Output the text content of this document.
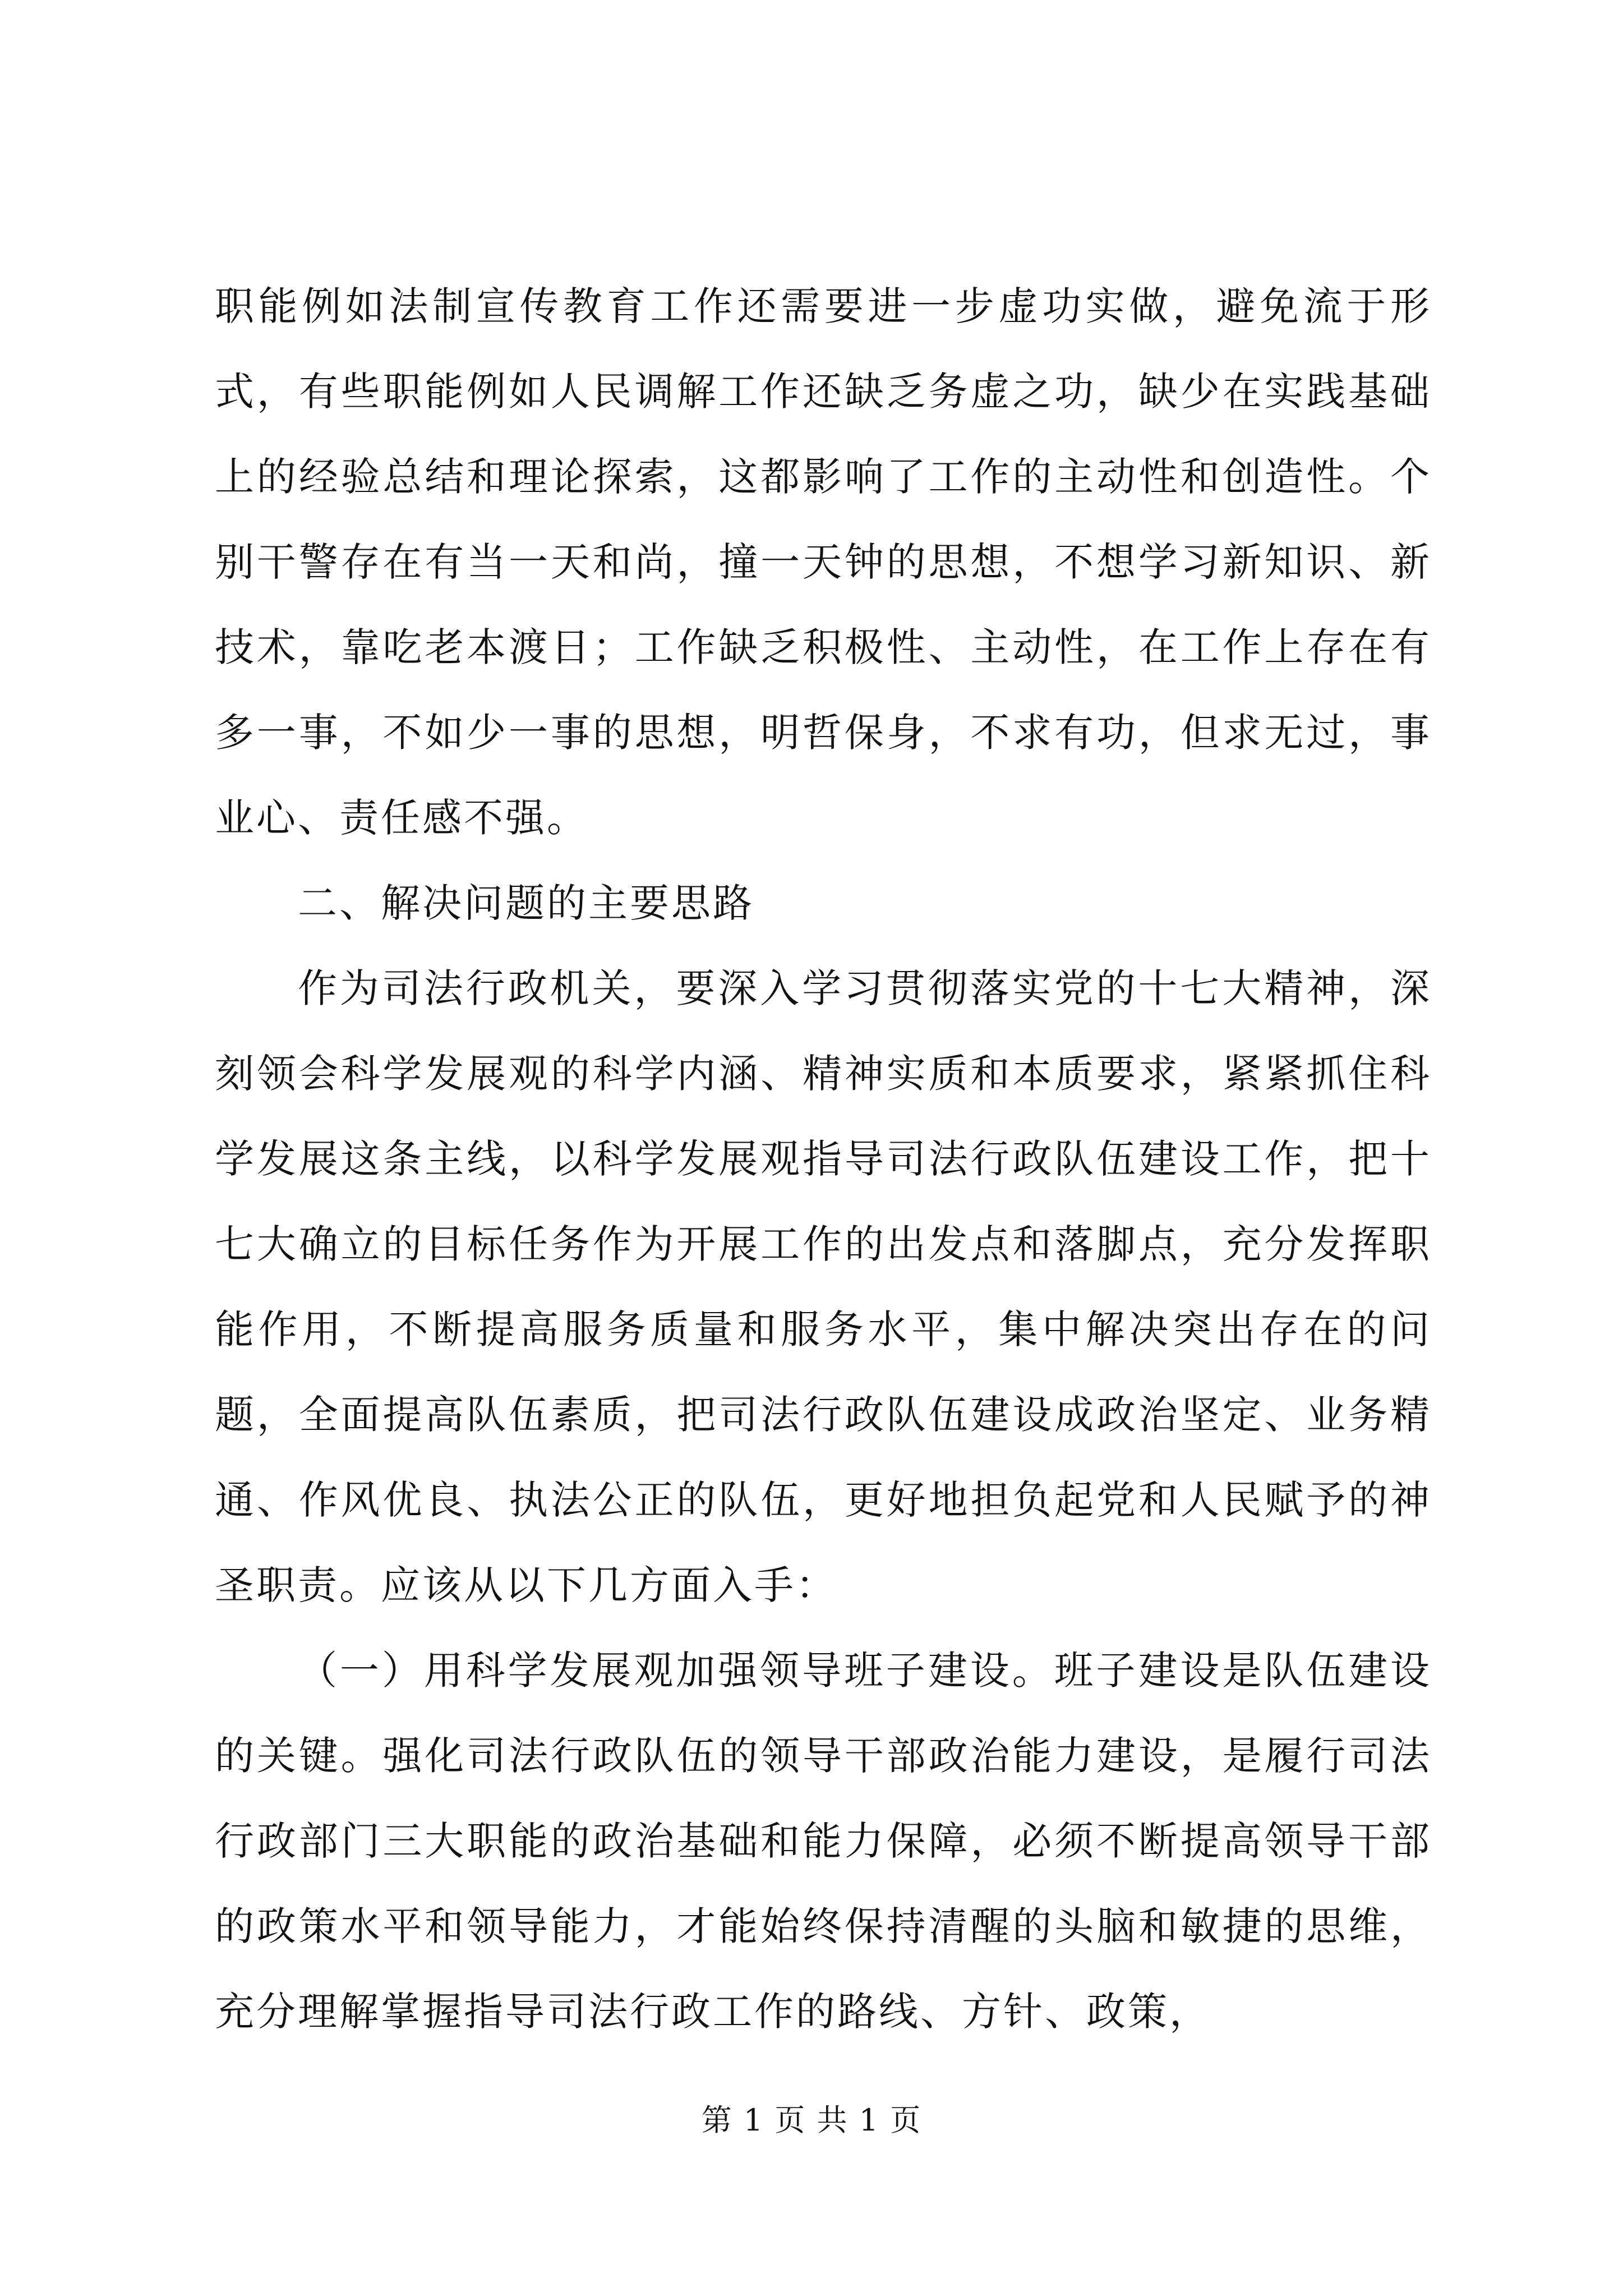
职能例如法制宣传教育工作还需要进一步虚功实做，避免流于形式，有些职能例如人民调解工作还缺乏务虚之功，缺少在实践基础上的经验总结和理论探索，这都影响了工作的主动性和创造性。个别干警存在有当一天和尚，撞一天钟的思想，不想学习新知识、新技术，靠吃老本渡日；工作缺乏积极性、主动性，在工作上存在有多一事，不如少一事的思想，明哲保身，不求有功，但求无过，事业心、责任感不强。

二、解决问题的主要思路

作为司法行政机关，要深入学习贯彻落实党的十七大精神，深刻领会科学发展观的科学内涵、精神实质和本质要求，紧紧抓住科学发展这条主线，以科学发展观指导司法行政队伍建设工作，把十七大确立的目标任务作为开展工作的出发点和落脚点，充分发挥职能作用，不断提高服务质量和服务水平，集中解决突出存在的问题，全面提高队伍素质，把司法行政队伍建设成政治坚定、业务精通、作风优良、执法公正的队伍，更好地担负起党和人民赋予的神圣职责。应该从以下几方面入手：

（一）用科学发展观加强领导班子建设。班子建设是队伍建设的关键。强化司法行政队伍的领导干部政治能力建设，是履行司法行政部门三大职能的政治基础和能力保障，必须不断提高领导干部的政策水平和领导能力，才能始终保持清醒的头脑和敏捷的思维，充分理解掌握指导司法行政工作的路线、方针、政策，

第 1 页 共 1 页
